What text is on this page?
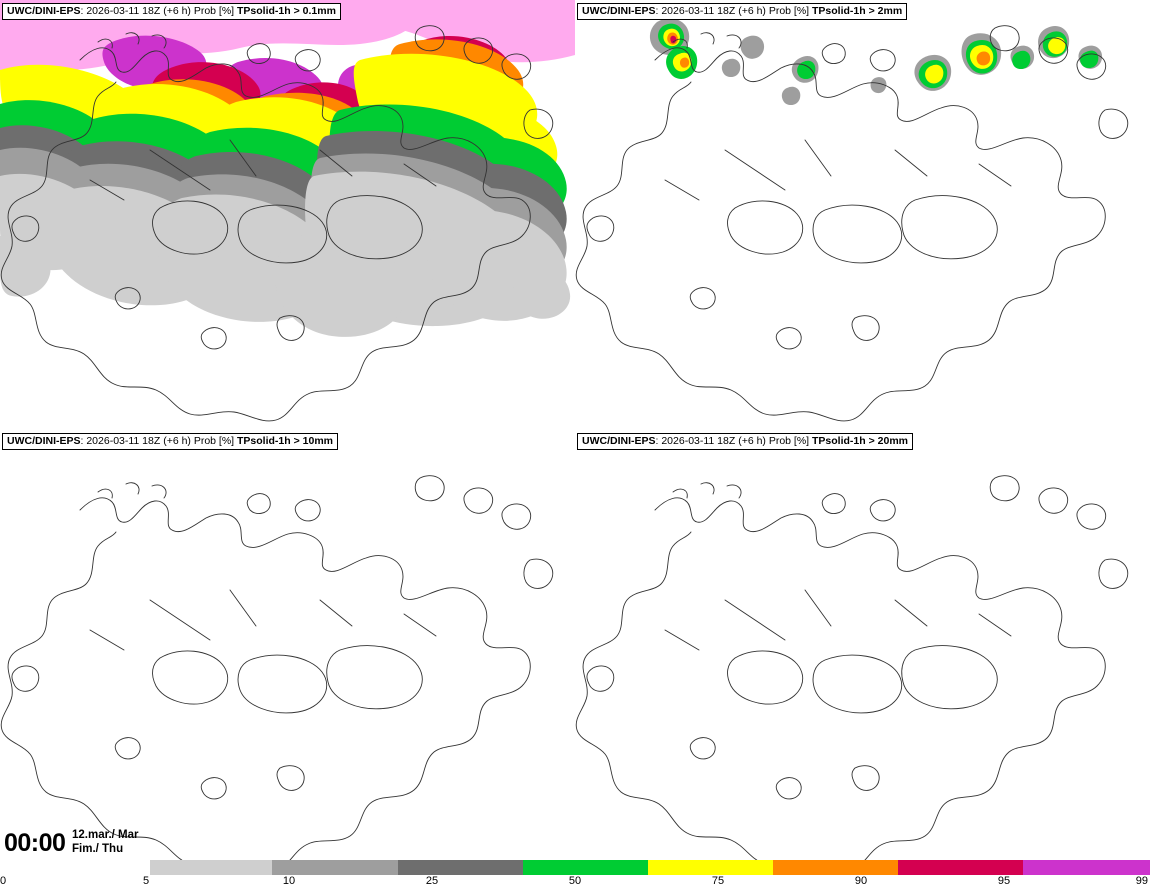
UWC/DINI-EPS: 2026-03-11 18Z (+6 h) Prob [%] TPsolid-1h > 0.1mm	UWC/DINI-EPS: 2026-03-11 18Z (+6 h) Prob [%] TPsolid-1h > 2mm
UWC/DINI-EPS: 2026-03-11 18Z (+6 h) Prob [%] TPsolid-1h > 10mm	UWC/DINI-EPS: 2026-03-11 18Z (+6 h) Prob [%] TPsolid-1h > 20mm
00:00 12.mar./ Mar
Fim./ Thu
0	5	10	25	50	75	90	95	99
